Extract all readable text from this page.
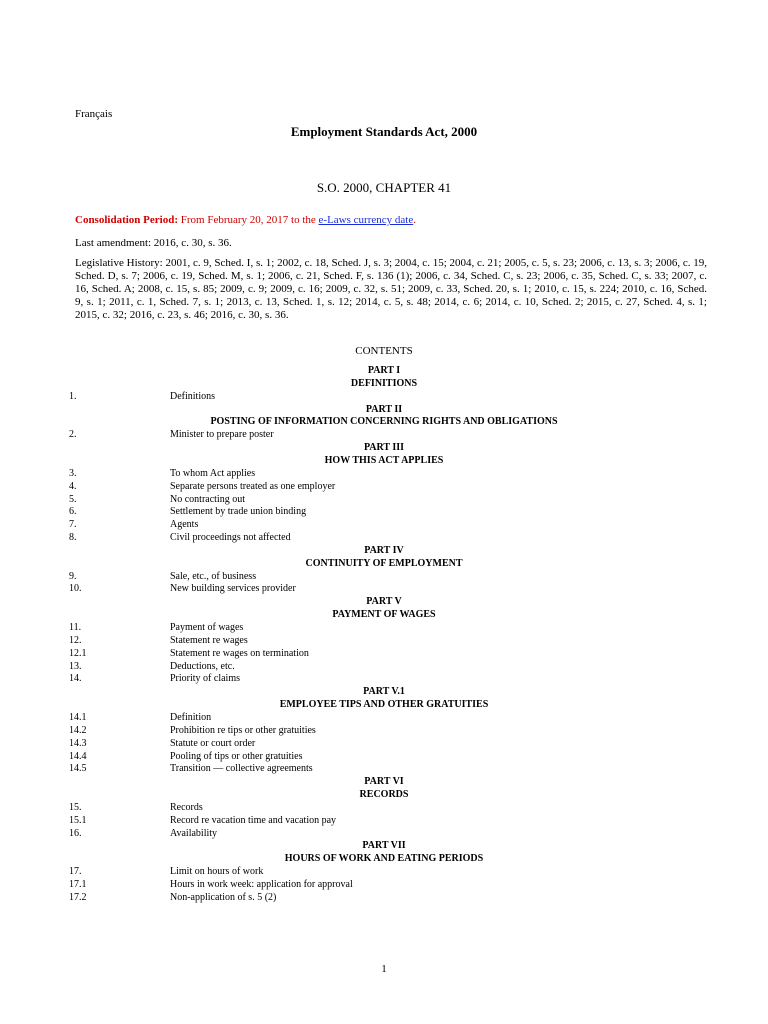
Français
Employment Standards Act, 2000
S.O. 2000, CHAPTER 41
Consolidation Period: From February 20, 2017 to the e-Laws currency date.
Last amendment: 2016, c. 30, s. 36.
Legislative History: 2001, c. 9, Sched. I, s. 1; 2002, c. 18, Sched. J, s. 3; 2004, c. 15; 2004, c. 21; 2005, c. 5, s. 23; 2006, c. 13, s. 3; 2006, c. 19, Sched. D, s. 7; 2006, c. 19, Sched. M, s. 1; 2006, c. 21, Sched. F, s. 136 (1); 2006, c. 34, Sched. C, s. 23; 2006, c. 35, Sched. C, s. 33; 2007, c. 16, Sched. A; 2008, c. 15, s. 85; 2009, c. 9; 2009, c. 16; 2009, c. 32, s. 51; 2009, c. 33, Sched. 20, s. 1; 2010, c. 15, s. 224; 2010, c. 16, Sched. 9, s. 1; 2011, c. 1, Sched. 7, s. 1; 2013, c. 13, Sched. 1, s. 12; 2014, c. 5, s. 48; 2014, c. 6; 2014, c. 10, Sched. 2; 2015, c. 27, Sched. 4, s. 1; 2015, c. 32; 2016, c. 23, s. 46; 2016, c. 30, s. 36.
CONTENTS
PART I
DEFINITIONS
1.	Definitions
PART II
POSTING OF INFORMATION CONCERNING RIGHTS AND OBLIGATIONS
2.	Minister to prepare poster
PART III
HOW THIS ACT APPLIES
3.	To whom Act applies
4.	Separate persons treated as one employer
5.	No contracting out
6.	Settlement by trade union binding
7.	Agents
8.	Civil proceedings not affected
PART IV
CONTINUITY OF EMPLOYMENT
9.	Sale, etc., of business
10.	New building services provider
PART V
PAYMENT OF WAGES
11.	Payment of wages
12.	Statement re wages
12.1	Statement re wages on termination
13.	Deductions, etc.
14.	Priority of claims
PART V.1
EMPLOYEE TIPS AND OTHER GRATUITIES
14.1	Definition
14.2	Prohibition re tips or other gratuities
14.3	Statute or court order
14.4	Pooling of tips or other gratuities
14.5	Transition — collective agreements
PART VI
RECORDS
15.	Records
15.1	Record re vacation time and vacation pay
16.	Availability
PART VII
HOURS OF WORK AND EATING PERIODS
17.	Limit on hours of work
17.1	Hours in work week: application for approval
17.2	Non-application of s. 5 (2)
1
